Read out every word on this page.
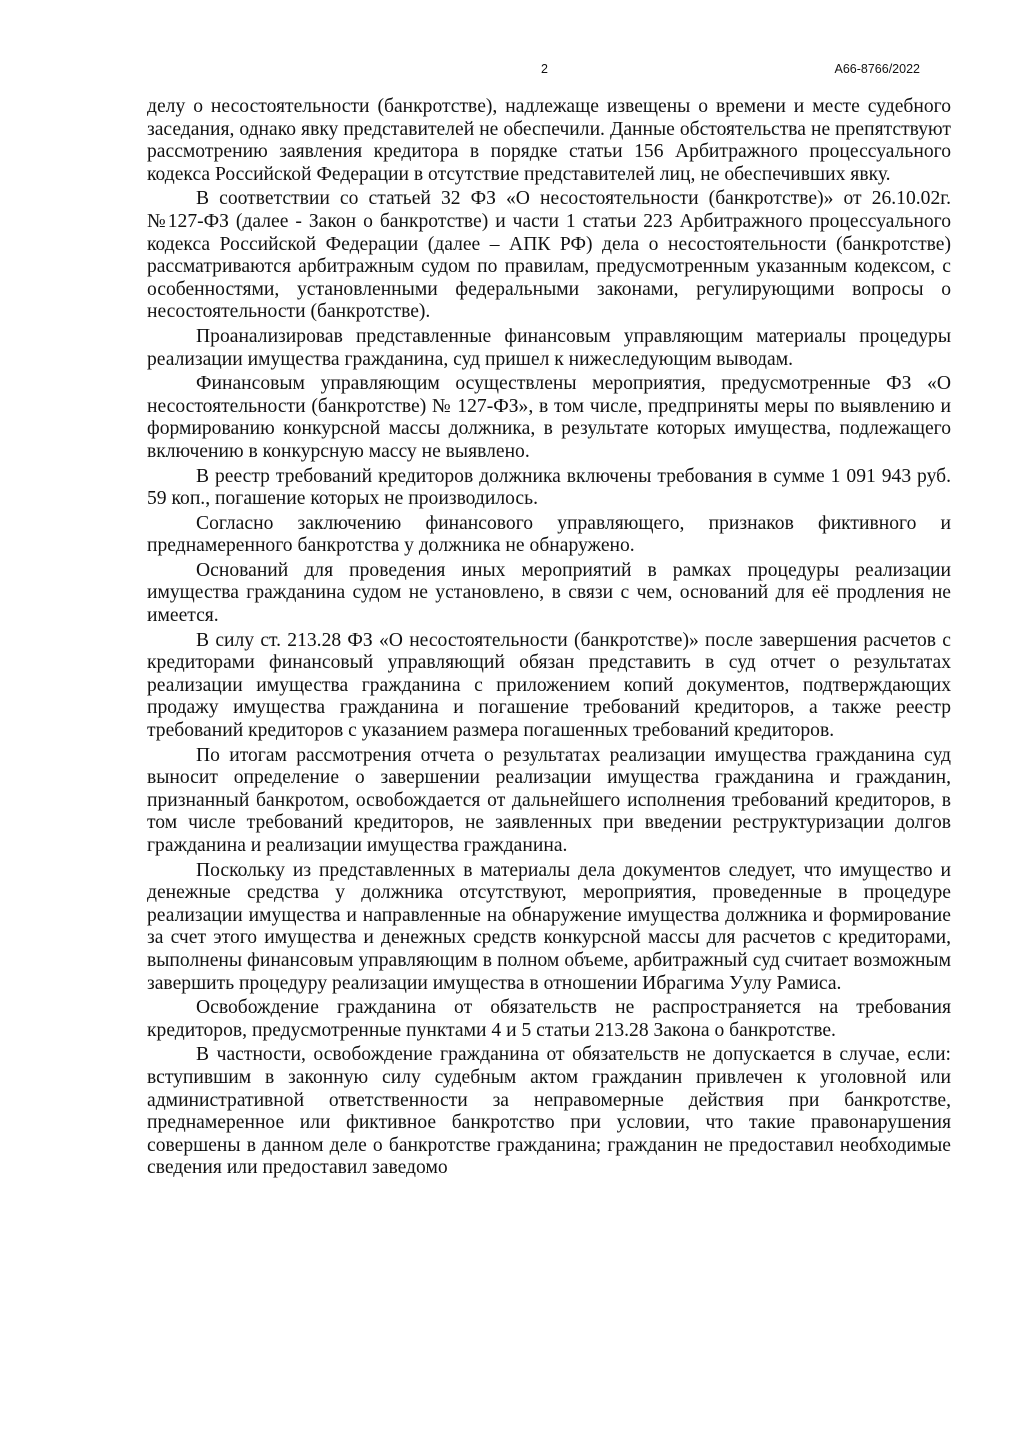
2	А66-8766/2022

делу о несостоятельности (банкротстве), надлежаще извещены о времени и месте судебного заседания, однако явку представителей не обеспечили. Данные обстоятельства не препятствуют рассмотрению заявления кредитора в порядке статьи 156 Арбитражного процессуального кодекса Российской Федерации в отсутствие представителей лиц, не обеспечивших явку.

В соответствии со статьей 32 ФЗ «О несостоятельности (банкротстве)» от 26.10.02г. №127-ФЗ (далее - Закон о банкротстве) и части 1 статьи 223 Арбитражного процессуального кодекса Российской Федерации (далее – АПК РФ) дела о несостоятельности (банкротстве) рассматриваются арбитражным судом по правилам, предусмотренным указанным кодексом, с особенностями, установленными федеральными законами, регулирующими вопросы о несостоятельности (банкротстве).

Проанализировав представленные финансовым управляющим материалы процедуры реализации имущества гражданина, суд пришел к нижеследующим выводам.

Финансовым управляющим осуществлены мероприятия, предусмотренные ФЗ «О несостоятельности (банкротстве) № 127-ФЗ», в том числе, предприняты меры по выявлению и формированию конкурсной массы должника, в результате которых имущества, подлежащего включению в конкурсную массу не выявлено.

В реестр требований кредиторов должника включены требования в сумме 1 091 943 руб. 59 коп., погашение которых не производилось.

Согласно заключению финансового управляющего, признаков фиктивного и преднамеренного банкротства у должника не обнаружено.

Оснований для проведения иных мероприятий в рамках процедуры реализации имущества гражданина судом не установлено, в связи с чем, оснований для её продления не имеется.

В силу ст. 213.28 ФЗ «О несостоятельности (банкротстве)» после завершения расчетов с кредиторами финансовый управляющий обязан представить в суд отчет о результатах реализации имущества гражданина с приложением копий документов, подтверждающих продажу имущества гражданина и погашение требований кредиторов, а также реестр требований кредиторов с указанием размера погашенных требований кредиторов.

По итогам рассмотрения отчета о результатах реализации имущества гражданина суд выносит определение о завершении реализации имущества гражданина и гражданин, признанный банкротом, освобождается от дальнейшего исполнения требований кредиторов, в том числе требований кредиторов, не заявленных при введении реструктуризации долгов гражданина и реализации имущества гражданина.

Поскольку из представленных в материалы дела документов следует, что имущество и денежные средства у должника отсутствуют, мероприятия, проведенные в процедуре реализации имущества и направленные на обнаружение имущества должника и формирование за счет этого имущества и денежных средств конкурсной массы для расчетов с кредиторами, выполнены финансовым управляющим в полном объеме, арбитражный суд считает возможным завершить процедуру реализации имущества в отношении Ибрагима Уулу Рамиса.

Освобождение гражданина от обязательств не распространяется на требования кредиторов, предусмотренные пунктами 4 и 5 статьи 213.28 Закона о банкротстве.

В частности, освобождение гражданина от обязательств не допускается в случае, если: вступившим в законную силу судебным актом гражданин привлечен к уголовной или административной ответственности за неправомерные действия при банкротстве, преднамеренное или фиктивное банкротство при условии, что такие правонарушения совершены в данном деле о банкротстве гражданина; гражданин не предоставил необходимые сведения или предоставил заведомо
